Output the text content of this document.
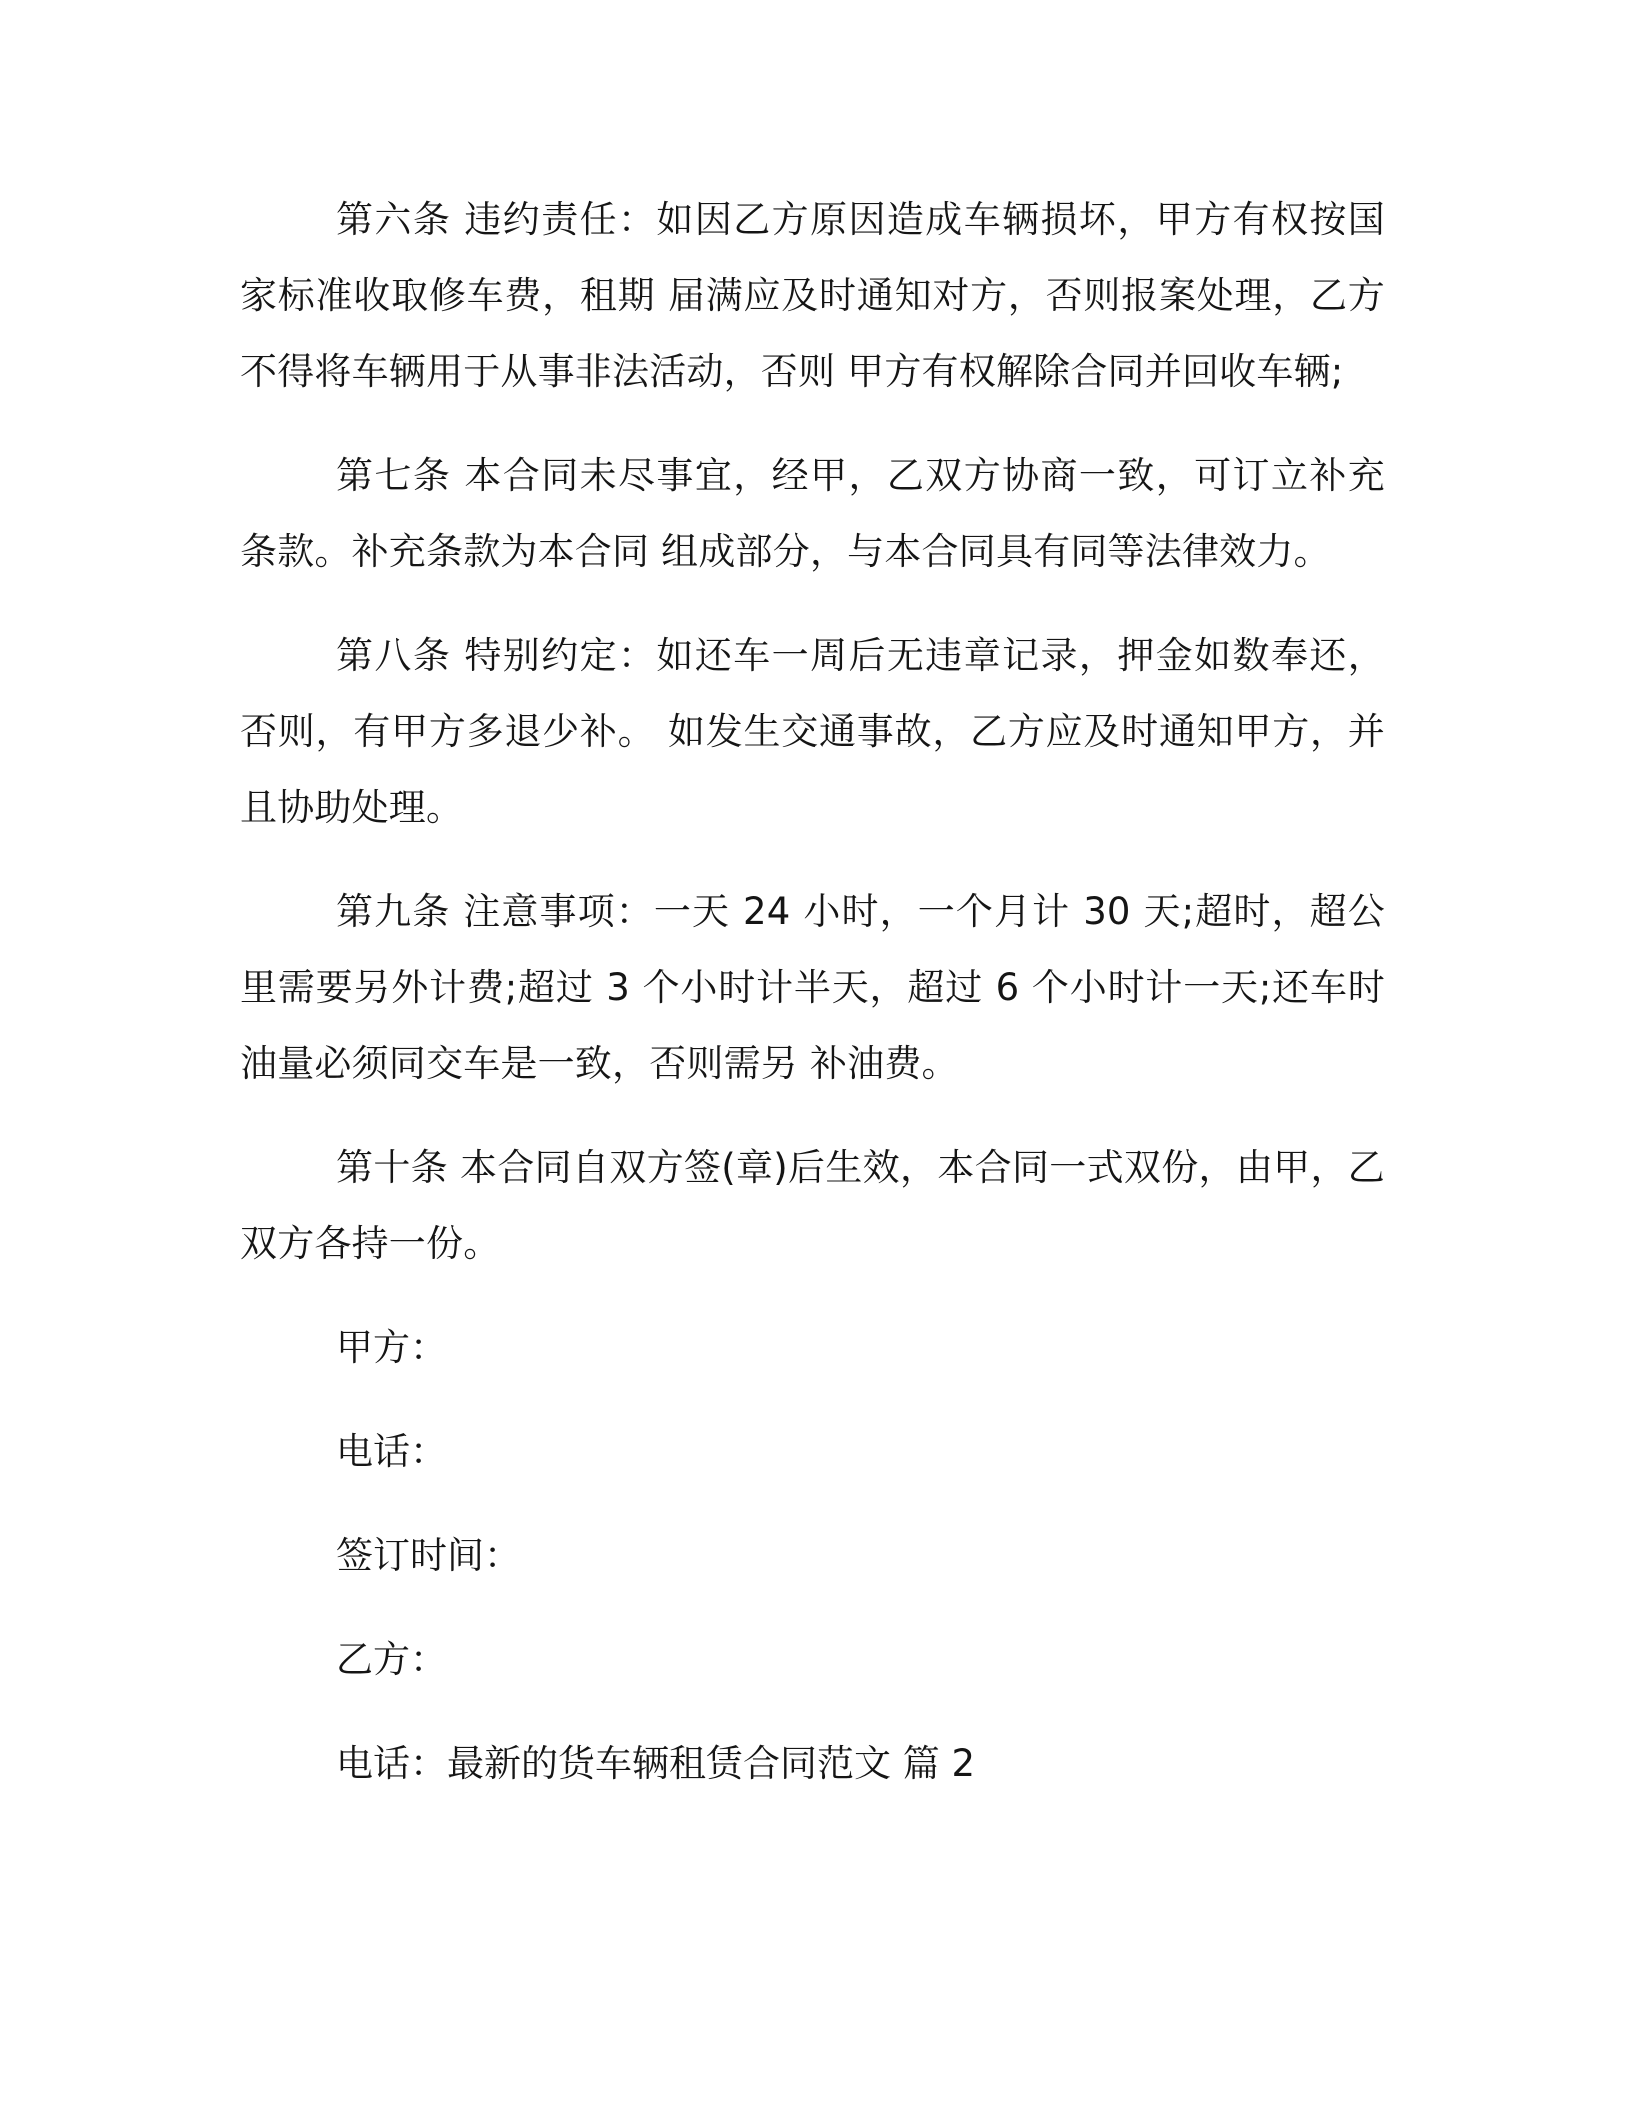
第六条 违约责任：如因乙方原因造成车辆损坏，甲方有权按国家标准收取修车费，租期 届满应及时通知对方，否则报案处理，乙方不得将车辆用于从事非法活动，否则 甲方有权解除合同并回收车辆;

第七条 本合同未尽事宜，经甲，乙双方协商一致，可订立补充条款。补充条款为本合同 组成部分，与本合同具有同等法律效力。

第八条 特别约定：如还车一周后无违章记录，押金如数奉还，否则，有甲方多退少补。 如发生交通事故，乙方应及时通知甲方，并且协助处理。

第九条 注意事项：一天 24 小时，一个月计 30 天;超时，超公里需要另外计费;超过 3 个小时计半天，超过 6 个小时计一天;还车时油量必须同交车是一致，否则需另 补油费。

第十条 本合同自双方签(章)后生效，本合同一式双份，由甲，乙双方各持一份。

甲方：
电话：
签订时间：
乙方：
电话：最新的货车辆租赁合同范文 篇 2
